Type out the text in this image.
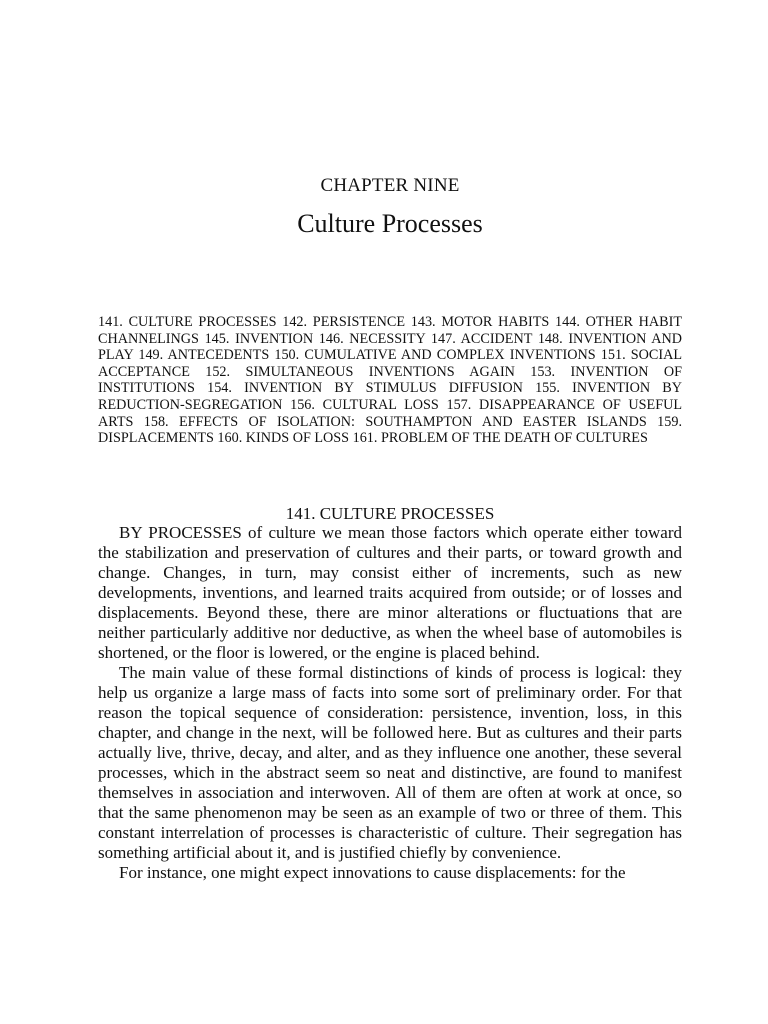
CHAPTER NINE
Culture Processes
141. CULTURE PROCESSES 142. PERSISTENCE 143. MOTOR HABITS 144. OTHER HABIT CHANNELINGS 145. INVENTION 146. NECESSITY 147. ACCIDENT 148. INVENTION AND PLAY 149. ANTECEDENTS 150. CUMULATIVE AND COMPLEX INVENTIONS 151. SOCIAL ACCEPTANCE 152. SIMULTANEOUS INVENTIONS AGAIN 153. INVENTION OF INSTITUTIONS 154. INVENTION BY STIMULUS DIFFUSION 155. INVENTION BY REDUCTION-SEGREGATION 156. CULTURAL LOSS 157. DISAPPEARANCE OF USEFUL ARTS 158. EFFECTS OF ISOLATION: SOUTHAMPTON AND EASTER ISLANDS 159. DISPLACEMENTS 160. KINDS OF LOSS 161. PROBLEM OF THE DEATH OF CULTURES
141. CULTURE PROCESSES

BY PROCESSES of culture we mean those factors which operate either toward the stabilization and preservation of cultures and their parts, or toward growth and change. Changes, in turn, may consist either of increments, such as new developments, inventions, and learned traits acquired from outside; or of losses and displacements. Beyond these, there are minor alterations or fluctuations that are neither particularly additive nor deductive, as when the wheel base of automobiles is shortened, or the floor is lowered, or the engine is placed behind.

The main value of these formal distinctions of kinds of process is logical: they help us organize a large mass of facts into some sort of preliminary order. For that reason the topical sequence of consideration: persistence, invention, loss, in this chapter, and change in the next, will be followed here. But as cultures and their parts actually live, thrive, decay, and alter, and as they influence one another, these several processes, which in the abstract seem so neat and distinctive, are found to manifest themselves in association and interwoven. All of them are often at work at once, so that the same phenomenon may be seen as an example of two or three of them. This constant interrelation of processes is characteristic of culture. Their segregation has something artificial about it, and is justified chiefly by convenience.

For instance, one might expect innovations to cause displacements: for the
